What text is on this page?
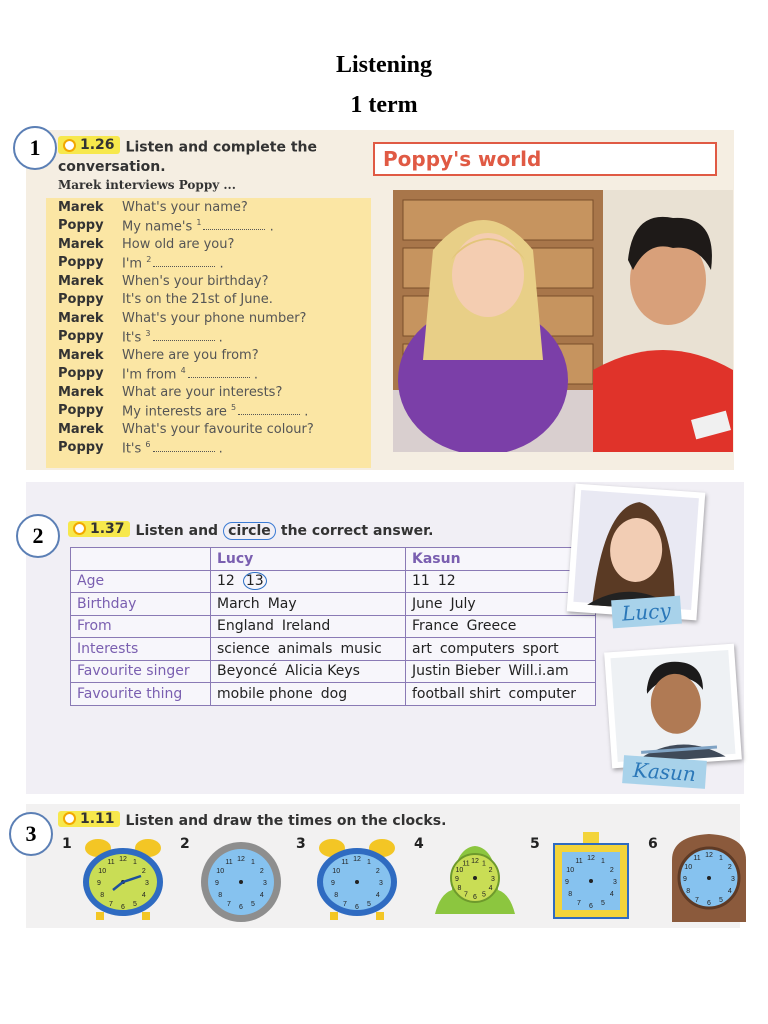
Listening
1 term
1	1.26 Listen and complete the conversation.
Marek interviews Poppy ...
Marek	What's your name?
Poppy	My name's $^1$	.
Marek	How old are you?
Poppy	I'm $^2$	.
Marek	When's your birthday?
Poppy	It's on the 21st of June.
Marek	What's your phone number?
Poppy	It's $^3$	.
Marek	Where are you from?
Poppy	I'm from $^4$	.
Marek	What are your interests?
Poppy	My interests are $^5$	.
Marek	What's your favourite colour?
Poppy	It's $^6$	.
Poppy's world
2	1.37 Listen and circle the correct answer.
	Lucy	Kasun
Age	12 13	11 12
Birthday	March May	June July
From	England Ireland	France Greece
Interests	science animals music	art computers sport
Favourite singer	Beyoncé Alicia Keys	Justin Bieber Will.i.am
Favourite thing	mobile phone dog	football shirt computer
Lucy
Kasun
3
1.11 Listen and draw the times on the clocks.
1
1
2
3
4
5
6
7
8
9
10
11 12
2
1
2
3
4
5
6
7
8
9
10
11 12
3
1
2
3
4
5
6
7
8
9
10
11 12
4
1
2
3
4
5
6
7
8
9
10
11 12
5
1
2
3
4
5
6
7
8
9
10
11 12
6
1
2
3
4
5
6
7
8
9
10
11 12
